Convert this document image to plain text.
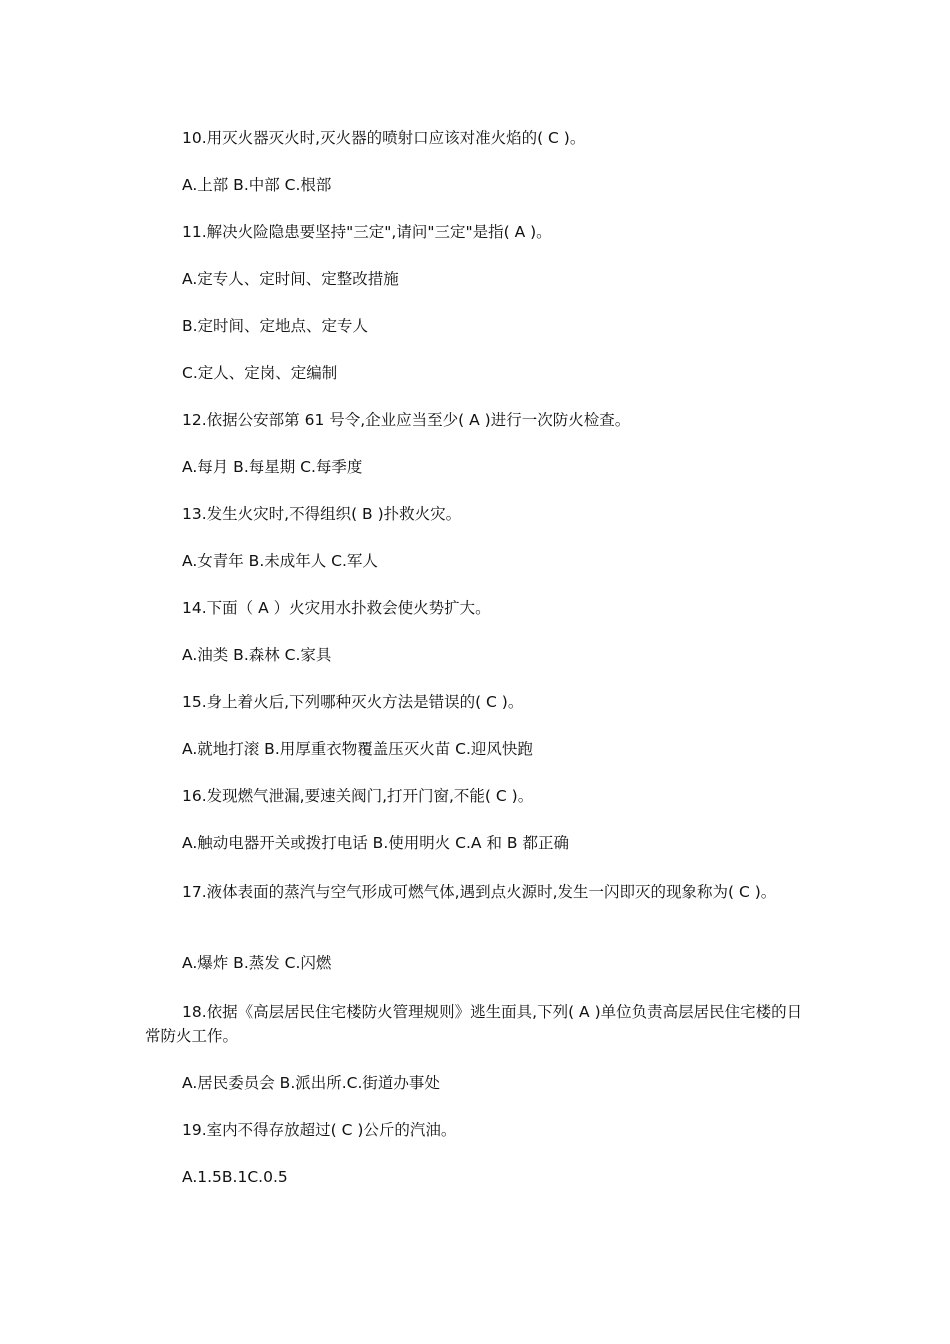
10.用灭火器灭火时,灭火器的喷射口应该对准火焰的( C )。
A.上部 B.中部 C.根部
11.解决火险隐患要坚持"三定",请问"三定"是指( A )。
A.定专人、定时间、定整改措施
B.定时间、定地点、定专人
C.定人、定岗、定编制
12.依据公安部第 61 号令,企业应当至少( A )进行一次防火检查。
A.每月 B.每星期 C.每季度
13.发生火灾时,不得组织( B )扑救火灾。
A.女青年 B.未成年人 C.军人
14.下面（ A ）火灾用水扑救会使火势扩大。
A.油类 B.森林 C.家具
15.身上着火后,下列哪种灭火方法是错误的( C )。
A.就地打滚 B.用厚重衣物覆盖压灭火苗 C.迎风快跑
16.发现燃气泄漏,要速关阀门,打开门窗,不能( C )。
A.触动电器开关或拨打电话 B.使用明火 C.A 和 B 都正确
17.液体表面的蒸汽与空气形成可燃气体,遇到点火源时,发生一闪即灭的现象称为( C )。
A.爆炸 B.蒸发 C.闪燃
18.依据《高层居民住宅楼防火管理规则》逃生面具,下列( A )单位负责高层居民住宅楼的日常防火工作。
A.居民委员会 B.派出所.C.街道办事处
19.室内不得存放超过( C )公斤的汽油。
A.1.5B.1C.0.5
